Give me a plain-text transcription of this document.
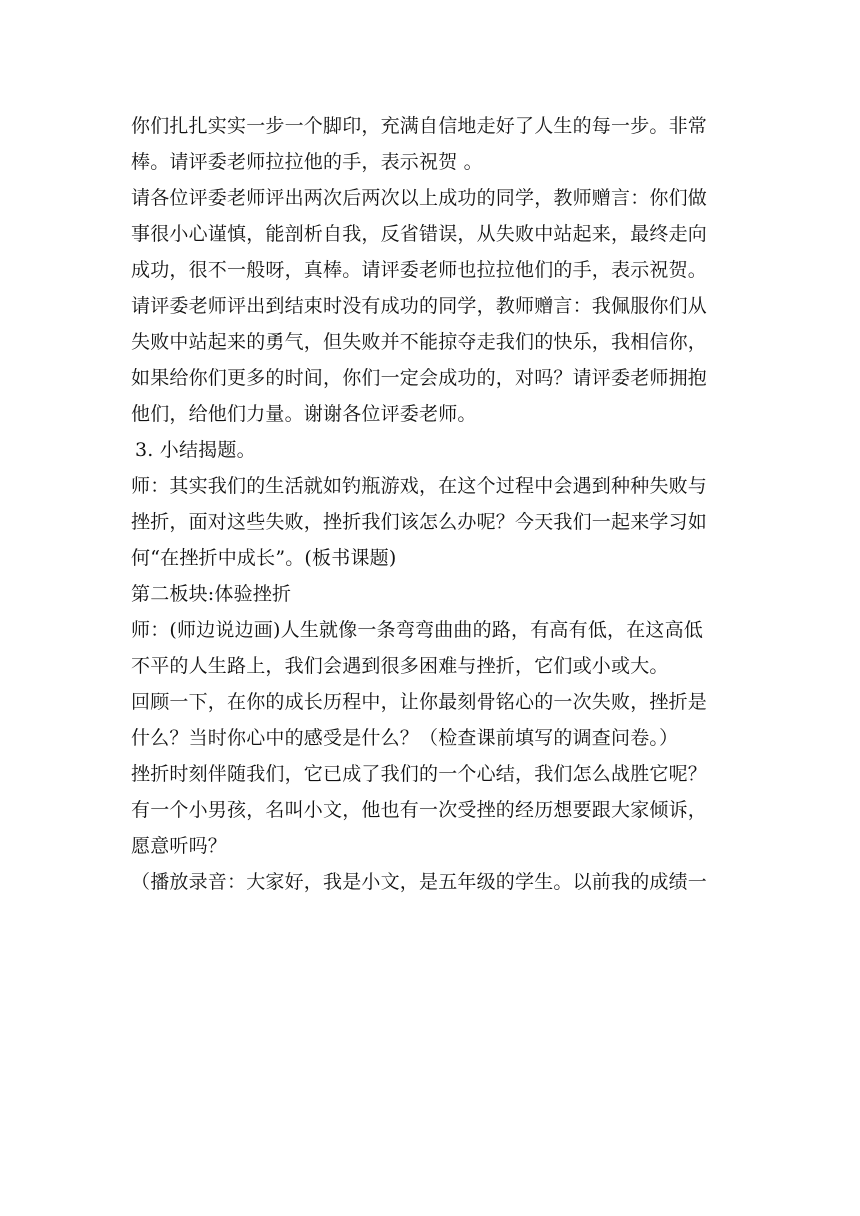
你们扎扎实实一步一个脚印，充满自信地走好了人生的每一步。非常
棒。请评委老师拉拉他的手，表示祝贺 。
请各位评委老师评出两次后两次以上成功的同学，教师赠言：你们做
事很小心谨慎，能剖析自我，反省错误，从失败中站起来，最终走向
成功，很不一般呀，真棒。请评委老师也拉拉他们的手，表示祝贺。
请评委老师评出到结束时没有成功的同学，教师赠言：我佩服你们从
失败中站起来的勇气，但失败并不能掠夺走我们的快乐，我相信你，
如果给你们更多的时间，你们一定会成功的，对吗？请评委老师拥抱
他们，给他们力量。谢谢各位评委老师。
3. 小结揭题。
师：其实我们的生活就如钓瓶游戏，在这个过程中会遇到种种失败与
挫折，面对这些失败，挫折我们该怎么办呢？今天我们一起来学习如
何“在挫折中成长”。(板书课题)
第二板块:体验挫折
师：(师边说边画)人生就像一条弯弯曲曲的路，有高有低，在这高低
不平的人生路上，我们会遇到很多困难与挫折，它们或小或大。
回顾一下，在你的成长历程中，让你最刻骨铭心的一次失败，挫折是
什么？当时你心中的感受是什么？（检查课前填写的调查问卷。）
挫折时刻伴随我们，它已成了我们的一个心结，我们怎么战胜它呢？
有一个小男孩，名叫小文，他也有一次受挫的经历想要跟大家倾诉，
愿意听吗？
（播放录音：大家好，我是小文，是五年级的学生。以前我的成绩一
